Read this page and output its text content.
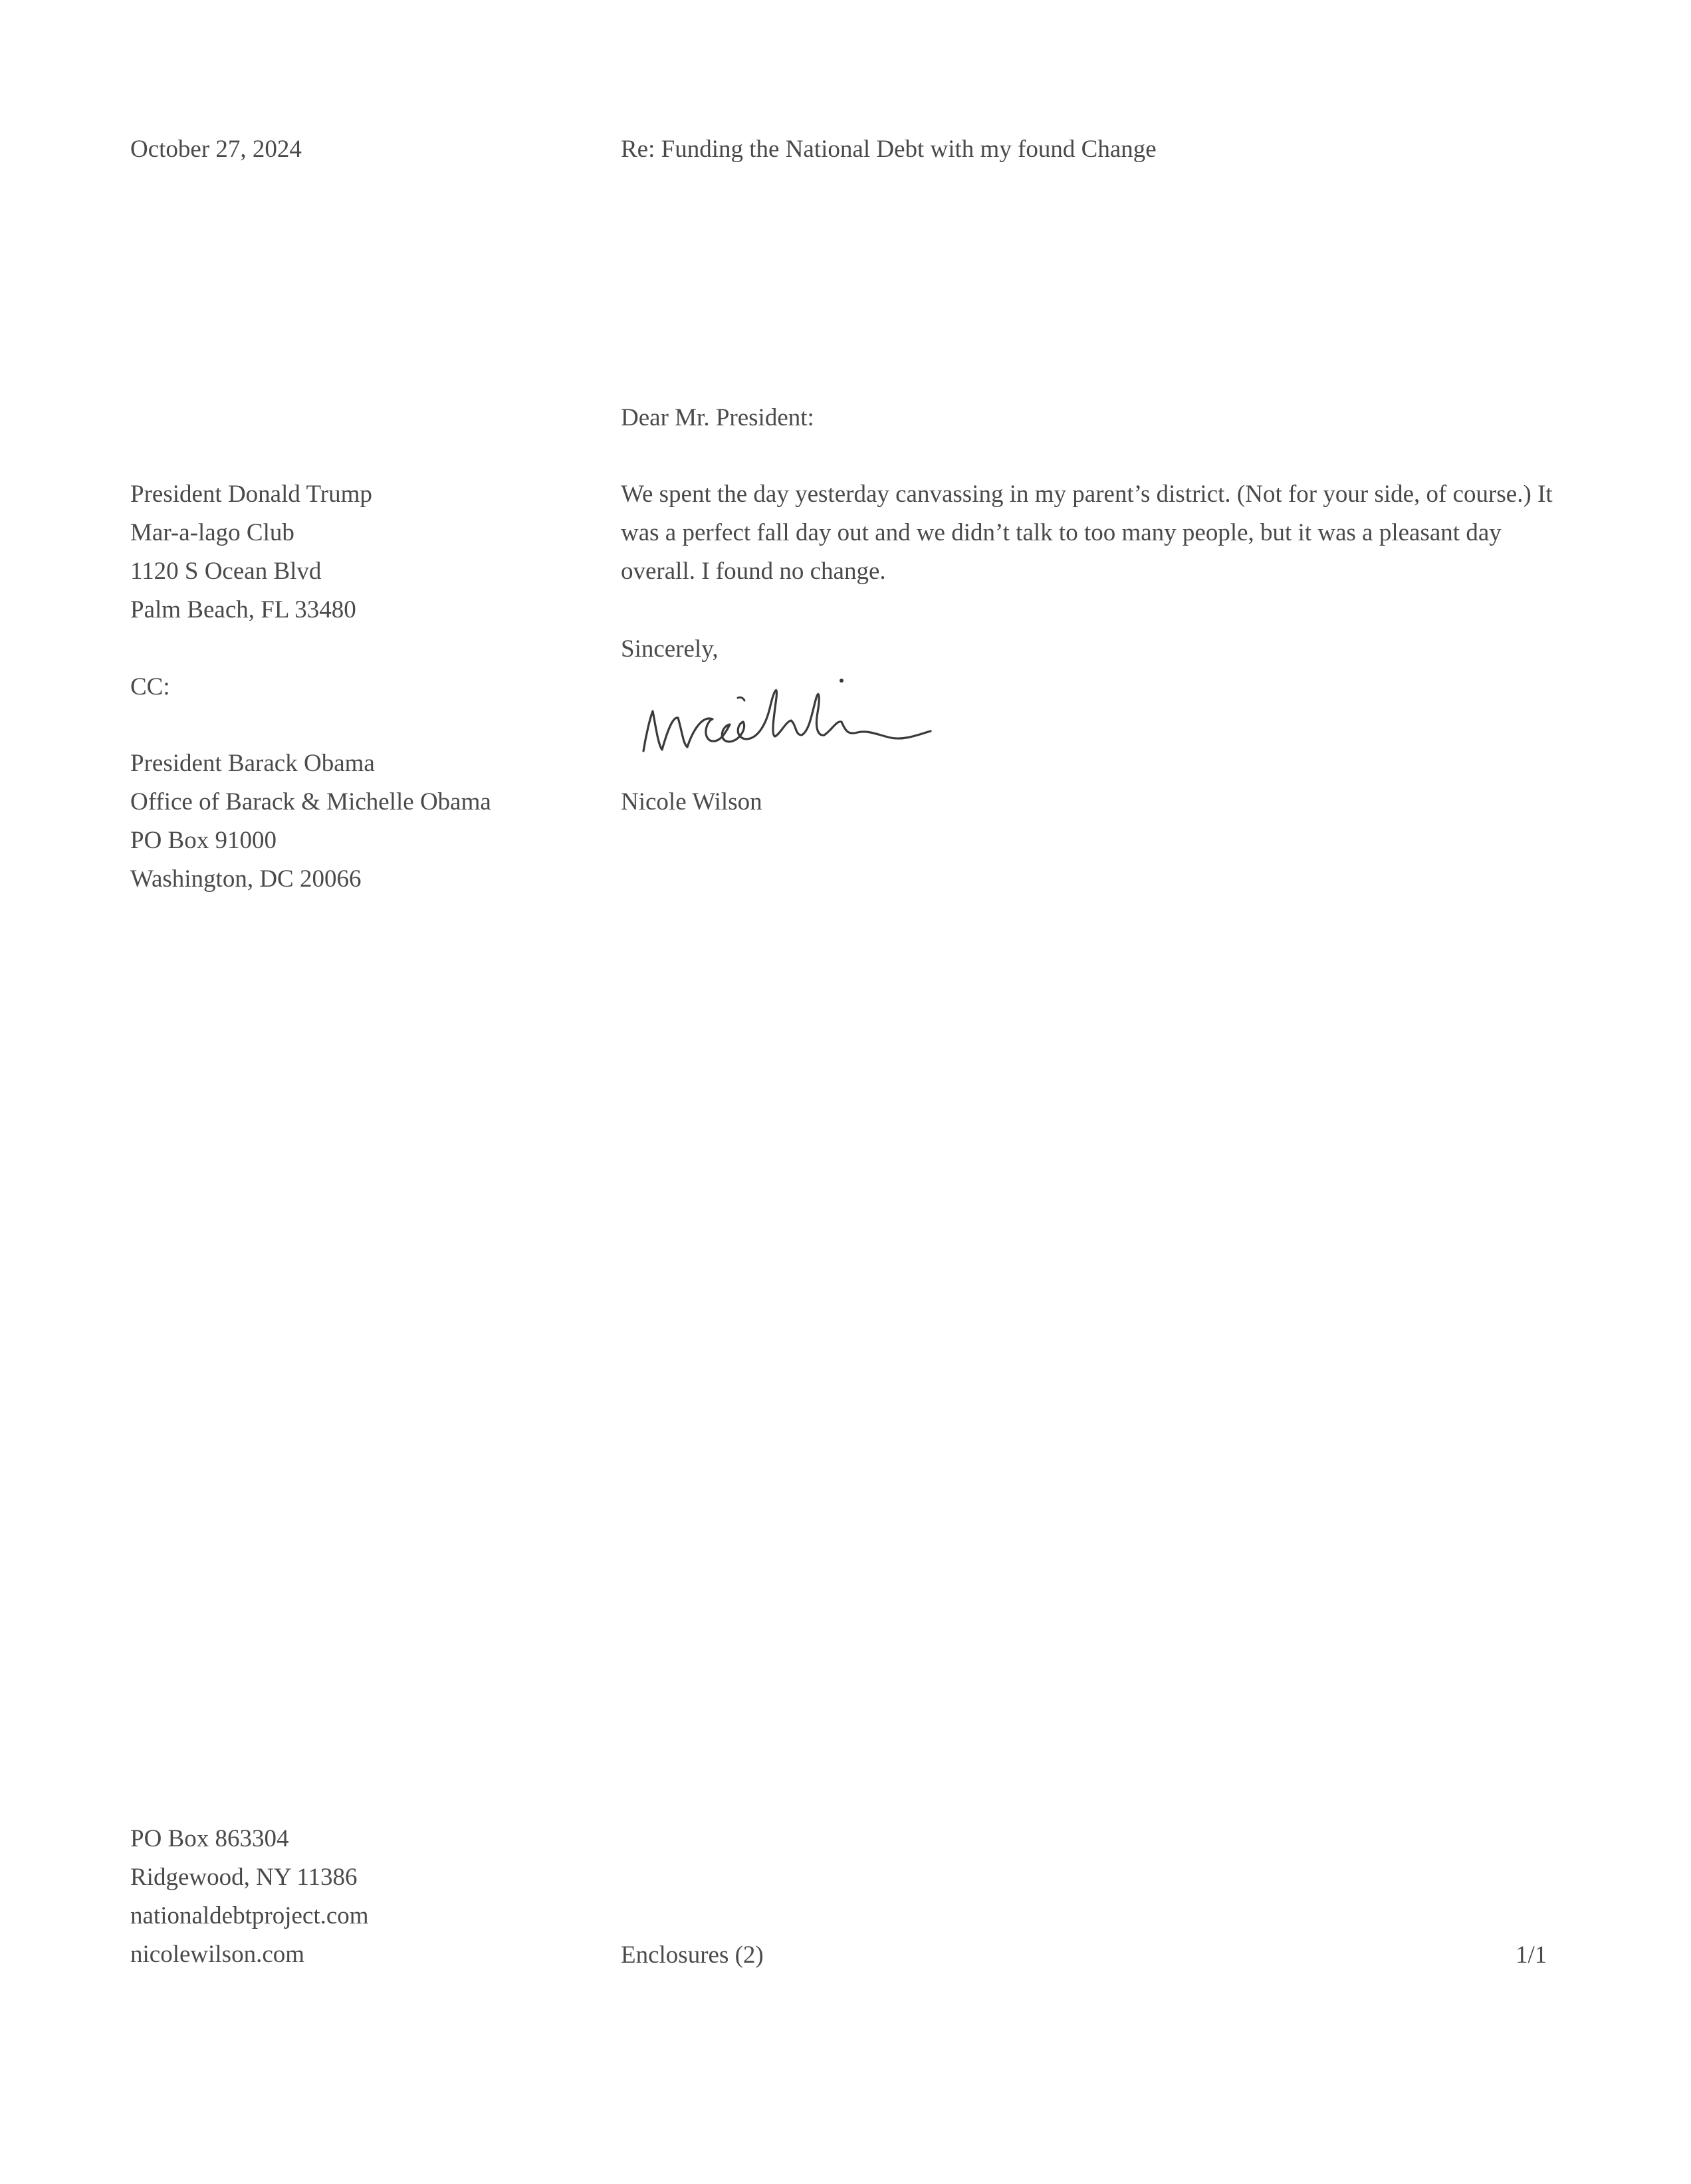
October 27, 2024	Re: Funding the National Debt with my found Change
Dear Mr. President:
President Donald Trump
Mar-a-lago Club
1120 S Ocean Blvd
Palm Beach, FL 33480
We spent the day yesterday canvassing in my parent’s district. (Not for your side, of course.) It was a perfect fall day out and we didn’t talk to too many people, but it was a pleasant day overall. I found no change.
Sincerely,
Nicole
Nicole Wilson
CC:
President Barack Obama
Office of Barack & Michelle Obama
PO Box 91000
Washington, DC 20066
PO Box 863304
Ridgewood, NY 11386
nationaldebtproject.com
nicolewilson.com	Enclosures (2)	1/1
